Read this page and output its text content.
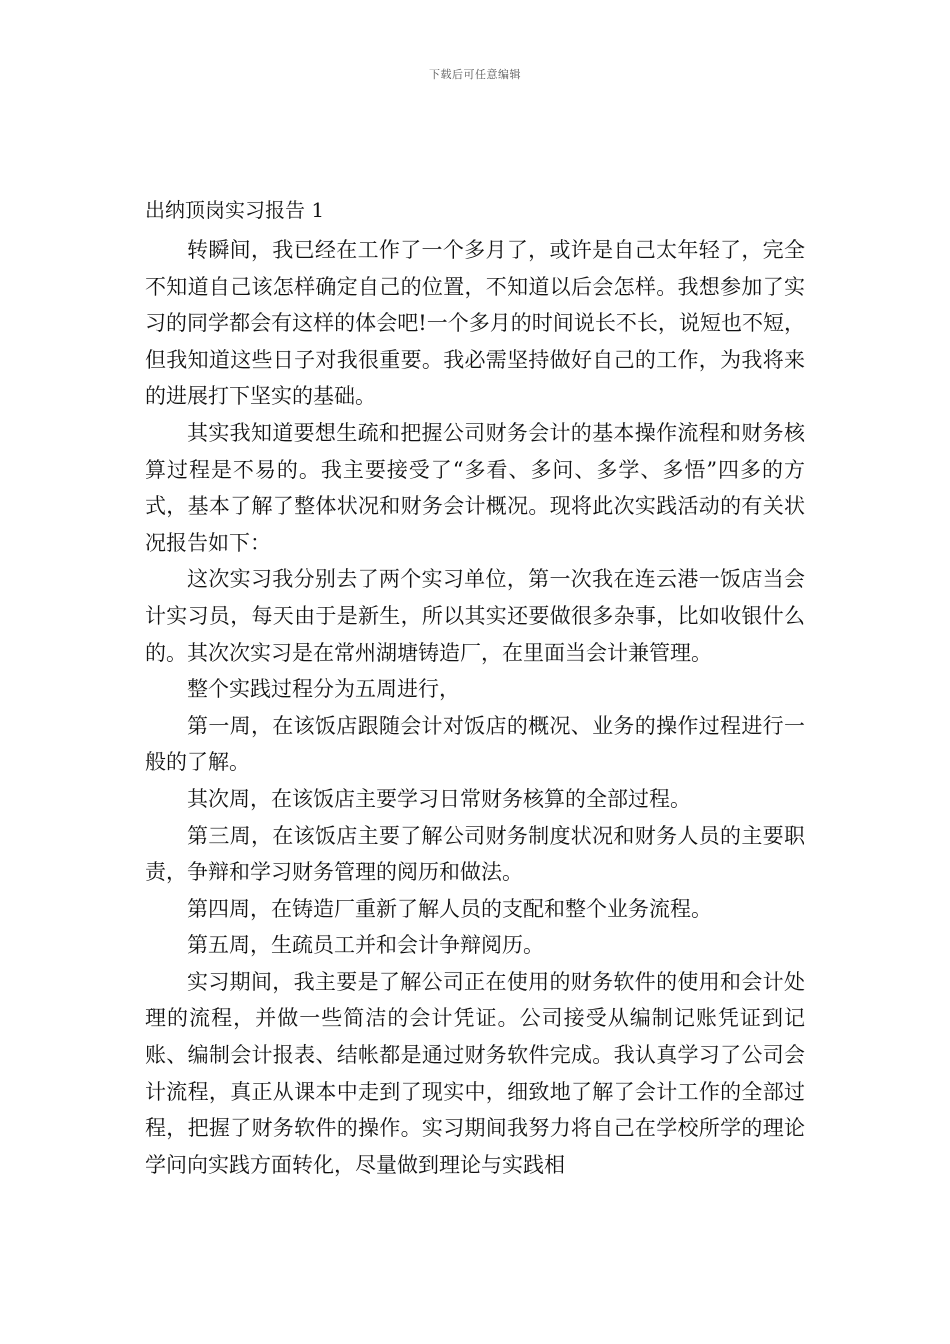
下载后可任意编辑
出纳顶岗实习报告 1

转瞬间，我已经在工作了一个多月了，或许是自己太年轻了，完全不知道自己该怎样确定自己的位置，不知道以后会怎样。我想参加了实习的同学都会有这样的体会吧!一个多月的时间说长不长，说短也不短，但我知道这些日子对我很重要。我必需坚持做好自己的工作，为我将来的进展打下坚实的基础。

其实我知道要想生疏和把握公司财务会计的基本操作流程和财务核算过程是不易的。我主要接受了“多看、多问、多学、多悟”四多的方式，基本了解了整体状况和财务会计概况。现将此次实践活动的有关状况报告如下：

这次实习我分别去了两个实习单位，第一次我在连云港一饭店当会计实习员，每天由于是新生，所以其实还要做很多杂事，比如收银什么的。其次次实习是在常州湖塘铸造厂，在里面当会计兼管理。

整个实践过程分为五周进行，

第一周，在该饭店跟随会计对饭店的概况、业务的操作过程进行一般的了解。

其次周，在该饭店主要学习日常财务核算的全部过程。

第三周，在该饭店主要了解公司财务制度状况和财务人员的主要职责，争辩和学习财务管理的阅历和做法。

第四周，在铸造厂重新了解人员的支配和整个业务流程。

第五周，生疏员工并和会计争辩阅历。

实习期间，我主要是了解公司正在使用的财务软件的使用和会计处理的流程，并做一些简洁的会计凭证。公司接受从编制记账凭证到记账、编制会计报表、结帐都是通过财务软件完成。我认真学习了公司会计流程，真正从课本中走到了现实中，细致地了解了会计工作的全部过程，把握了财务软件的操作。实习期间我努力将自己在学校所学的理论学问向实践方面转化，尽量做到理论与实践相
